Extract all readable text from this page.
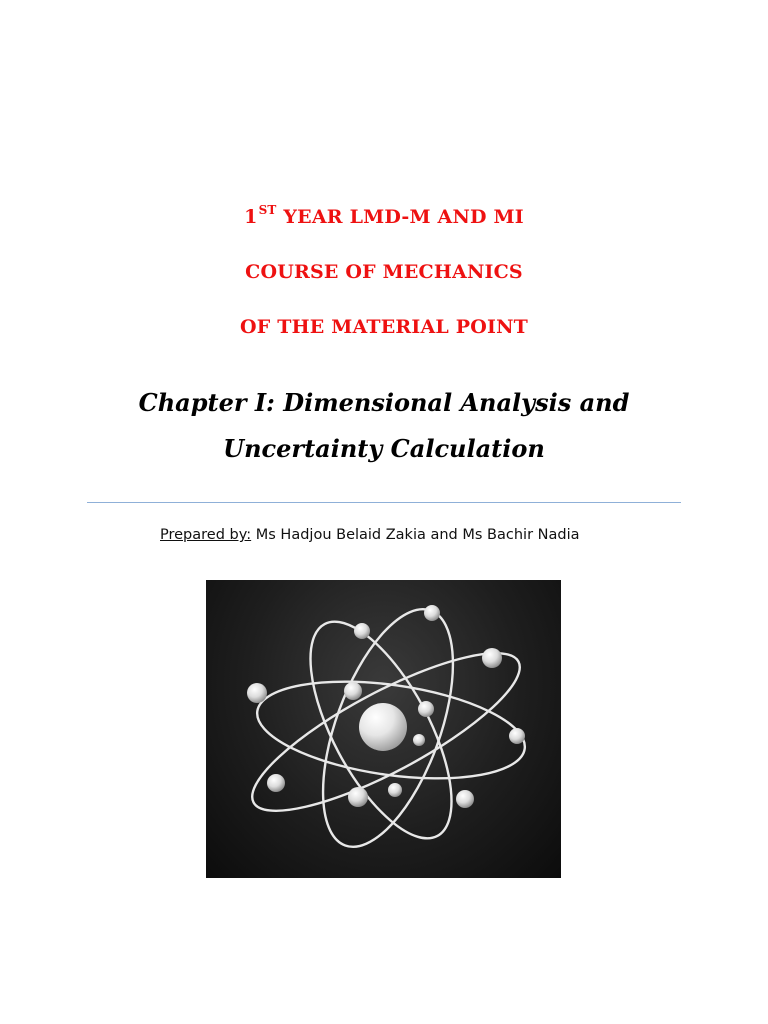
1ST YEAR LMD-M AND MI
COURSE OF MECHANICS
OF THE MATERIAL POINT
Chapter I: Dimensional Analysis and
Uncertainty Calculation
Prepared by: Ms Hadjou Belaid Zakia and Ms Bachir Nadia
